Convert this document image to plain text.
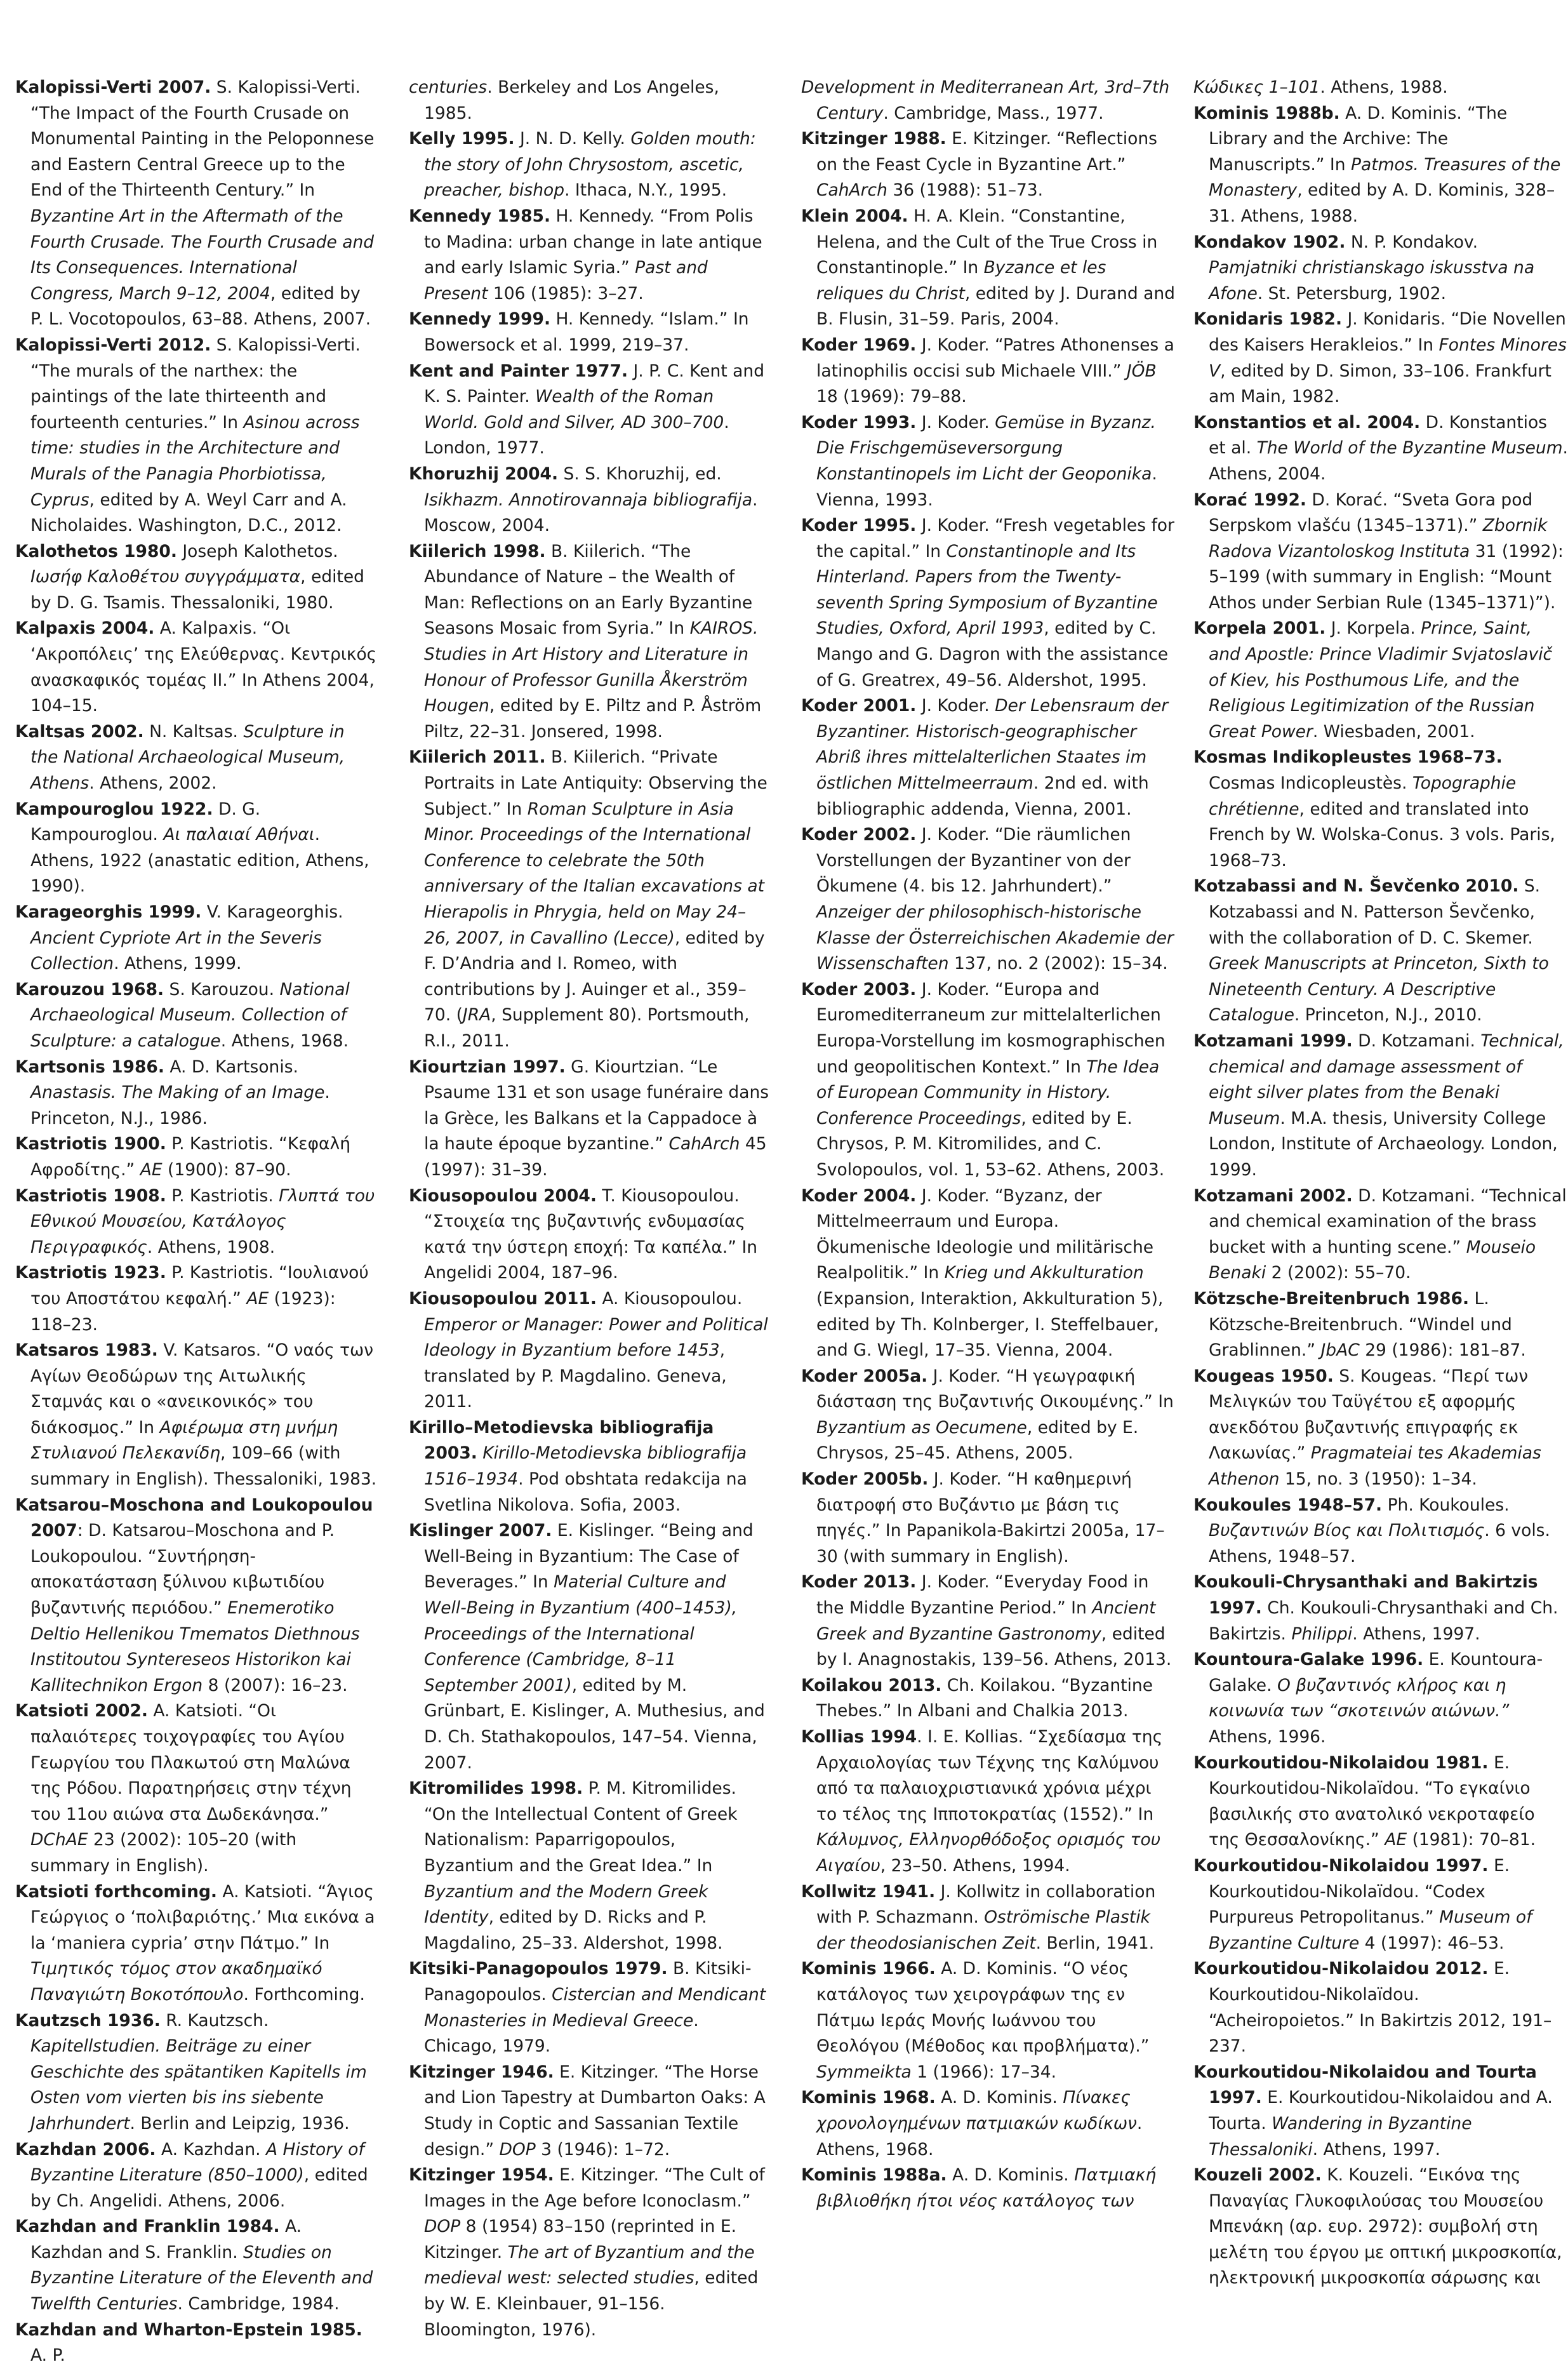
Kalopissi-Verti 2007. S. Kalopissi-Verti. “The Impact of the Fourth Crusade on Monumental Painting in the Peloponnese and Eastern Central Greece up to the End of the Thirteenth Century.” In Byzantine Art in the Aftermath of the Fourth Crusade. The Fourth Crusade and Its Consequences. International Congress, March 9–12, 2004, edited by P. L. Vocotopoulos, 63–88. Athens, 2007.

Kalopissi-Verti 2012. S. Kalopissi-Verti. “The murals of the narthex: the paintings of the late thirteenth and fourteenth centuries.” In Asinou across time: studies in the Architecture and Murals of the Panagia Phorbiotissa, Cyprus, edited by A. Weyl Carr and A. Nicholaides. Washington, D.C., 2012.

Kalothetos 1980. Joseph Kalothetos. Ιωσήφ Καλοθέτου συγγράμματα, edited by D. G. Tsamis. Thessaloniki, 1980.

Kalpaxis 2004. A. Kalpaxis. “Οι ‘Ακροπόλεις’ της Ελεύθερνας. Κεντρικός ανασκαφικός τομέας ΙΙ.” In Athens 2004, 104–15.

Kaltsas 2002. N. Kaltsas. Sculpture in the National Archaeological Museum, Athens. Athens, 2002.

Kampouroglou 1922. D. G. Kampouroglou. Αι παλαιαί Αθήναι. Athens, 1922 (anastatic edition, Athens, 1990).

Karageorghis 1999. V. Karageorghis. Ancient Cypriote Art in the Severis Collection. Athens, 1999.

Karouzou 1968. S. Karouzou. National Archaeological Museum. Collection of Sculpture: a catalogue. Athens, 1968.

Kartsonis 1986. A. D. Kartsonis. Anastasis. The Making of an Image. Princeton, N.J., 1986.

Kastriotis 1900. P. Kastriotis. “Κεφαλή Αφροδίτης.” AE (1900): 87–90.

Kastriotis 1908. P. Kastriotis. Γλυπτά του Εθνικού Μουσείου, Κατάλογος Περιγραφικός. Athens, 1908.

Kastriotis 1923. P. Kastriotis. “Ιουλιανού του Αποστάτου κεφαλή.” AE (1923): 118–23.

Katsaros 1983. V. Katsaros. “Ο ναός των Αγίων Θεοδώρων της Αιτωλικής Σταμνάς και ο «ανεικονικός» του διάκοσμος.” In Αφιέρωμα στη μνήμη Στυλιανού Πελεκανίδη, 109–66 (with summary in English). Thessaloniki, 1983.

Katsarou–Moschona and Loukopoulou 2007: D. Katsarou–Moschona and P. Loukopoulou. “Συντήρηση-αποκατάσταση ξύλινου κιβωτιδίου βυζαντινής περιόδου.” Enemerotiko Deltio Hellenikou Tmematos Diethnous Institoutou Syntereseos Historikon kai Kallitechnikon Ergon 8 (2007): 16–23.

Katsioti 2002. A. Katsioti. “Οι παλαιότερες τοιχογραφίες του Αγίου Γεωργίου του Πλακωτού στη Μαλώνα της Ρόδου. Παρατηρήσεις στην τέχνη του 11ου αιώνα στα Δωδεκάνησα.” DChAE 23 (2002): 105–20 (with summary in English).

Katsioti forthcoming. A. Katsioti. “Άγιος Γεώργιος ο ‘πολιβαριότης.’ Μια εικόνα a la ‘maniera cypria’ στην Πάτμο.” In Τιμητικός τόμος στον ακαδημαϊκό Παναγιώτη Βοκοτόπουλο. Forthcoming.

Kautzsch 1936. R. Kautzsch. Kapitellstudien. Beiträge zu einer Geschichte des spätantiken Kapitells im Osten vom vierten bis ins siebente Jahrhundert. Berlin and Leipzig, 1936.

Kazhdan 2006. A. Kazhdan. A History of Byzantine Literature (850–1000), edited by Ch. Angelidi. Athens, 2006.

Kazhdan and Franklin 1984. A. Kazhdan and S. Franklin. Studies on Byzantine Literature of the Eleventh and Twelfth Centuries. Cambridge, 1984.

Kazhdan and Wharton-Epstein 1985. A. P.

centuries. Berkeley and Los Angeles, 1985.

Kelly 1995. J. N. D. Kelly. Golden mouth: the story of John Chrysostom, ascetic, preacher, bishop. Ithaca, N.Y., 1995.

Kennedy 1985. H. Kennedy. “From Polis to Madina: urban change in late antique and early Islamic Syria.” Past and Present 106 (1985): 3–27.

Kennedy 1999. H. Kennedy. “Islam.” In Bowersock et al. 1999, 219–37.

Kent and Painter 1977. J. P. C. Kent and K. S. Painter. Wealth of the Roman World. Gold and Silver, AD 300–700. London, 1977.

Khoruzhij 2004. S. S. Khoruzhij, ed. Isikhazm. Annotirovannaja bibliografija. Moscow, 2004.

Kiilerich 1998. B. Kiilerich. “The Abundance of Nature – the Wealth of Man: Reflections on an Early Byzantine Seasons Mosaic from Syria.” In KAIROS. Studies in Art History and Literature in Honour of Professor Gunilla Åkerström Hougen, edited by E. Piltz and P. Åström Piltz, 22–31. Jonsered, 1998.

Kiilerich 2011. B. Kiilerich. “Private Portraits in Late Antiquity: Observing the Subject.” In Roman Sculpture in Asia Minor. Proceedings of the International Conference to celebrate the 50th anniversary of the Italian excavations at Hierapolis in Phrygia, held on May 24–26, 2007, in Cavallino (Lecce), edited by F. D’Andria and I. Romeo, with contributions by J. Auinger et al., 359–70. (JRA, Supplement 80). Portsmouth, R.I., 2011.

Kiourtzian 1997. G. Kiourtzian. “Le Psaume 131 et son usage funéraire dans la Grèce, les Balkans et la Cappadoce à la haute époque byzantine.” CahArch 45 (1997): 31–39.

Kiousopoulou 2004. T. Kiousopoulou. “Στοιχεία της βυζαντινής ενδυμασίας κατά την ύστερη εποχή: Τα καπέλα.” In Angelidi 2004, 187–96.

Kiousopoulou 2011. A. Kiousopoulou. Emperor or Manager: Power and Political Ideology in Byzantium before 1453, translated by P. Magdalino. Geneva, 2011.

Kirillo–Metodievska bibliografija 2003. Kirillo-Metodievska bibliografija 1516–1934. Pod obshtata redakcija na Svetlina Nikolova. Sofia, 2003.

Kislinger 2007. E. Kislinger. “Being and Well-Being in Byzantium: The Case of Beverages.” In Material Culture and Well-Being in Byzantium (400–1453), Proceedings of the International Conference (Cambridge, 8–11 September 2001), edited by M. Grünbart, E. Kislinger, A. Muthesius, and D. Ch. Stathakopoulos, 147–54. Vienna, 2007.

Kitromilides 1998. P. M. Kitromilides. “On the Intellectual Content of Greek Nationalism: Paparrigopoulos, Byzantium and the Great Idea.” In Byzantium and the Modern Greek Identity, edited by D. Ricks and P. Magdalino, 25–33. Aldershot, 1998.

Kitsiki-Panagopoulos 1979. B. Kitsiki-Panagopoulos. Cistercian and Mendicant Monasteries in Medieval Greece. Chicago, 1979.

Kitzinger 1946. E. Kitzinger. “The Horse and Lion Tapestry at Dumbarton Oaks: A Study in Coptic and Sassanian Textile design.” DOP 3 (1946): 1–72.

Kitzinger 1954. E. Kitzinger. “The Cult of Images in the Age before Iconoclasm.” DOP 8 (1954) 83–150 (reprinted in E. Kitzinger. The art of Byzantium and the medieval west: selected studies, edited by W. E. Kleinbauer, 91–156. Bloomington, 1976).

Development in Mediterranean Art, 3rd–7th Century. Cambridge, Mass., 1977.

Kitzinger 1988. E. Kitzinger. “Reflections on the Feast Cycle in Byzantine Art.” CahArch 36 (1988): 51–73.

Klein 2004. H. A. Klein. “Constantine, Helena, and the Cult of the True Cross in Constantinople.” In Byzance et les reliques du Christ, edited by J. Durand and B. Flusin, 31–59. Paris, 2004.

Koder 1969. J. Koder. “Patres Athonenses a latinophilis occisi sub Michaele VIII.” JÖB 18 (1969): 79–88.

Koder 1993. J. Koder. Gemüse in Byzanz. Die Frischgemüseversorgung Konstantinopels im Licht der Geoponika. Vienna, 1993.

Koder 1995. J. Koder. “Fresh vegetables for the capital.” In Constantinople and Its Hinterland. Papers from the Twenty-seventh Spring Symposium of Byzantine Studies, Oxford, April 1993, edited by C. Mango and G. Dagron with the assistance of G. Greatrex, 49–56. Aldershot, 1995.

Koder 2001. J. Koder. Der Lebensraum der Byzantiner. Historisch-geographischer Abriß ihres mittelalterlichen Staates im östlichen Mittelmeerraum. 2nd ed. with bibliographic addenda, Vienna, 2001.

Koder 2002. J. Koder. “Die räumlichen Vorstellungen der Byzantiner von der Ökumene (4. bis 12. Jahrhundert).” Anzeiger der philosophisch-historische Klasse der Österreichischen Akademie der Wissenschaften 137, no. 2 (2002): 15–34.

Koder 2003. J. Koder. “Europa and Euromediterraneum zur mittelalterlichen Europa-Vorstellung im kosmographischen und geopolitischen Kontext.” In The Idea of European Community in History. Conference Proceedings, edited by E. Chrysos, P. M. Kitromilides, and C. Svolopoulos, vol. 1, 53–62. Athens, 2003.

Koder 2004. J. Koder. “Byzanz, der Mittelmeerraum und Europa. Ökumenische Ideologie und militärische Realpolitik.” In Krieg und Akkulturation (Expansion, Interaktion, Akkulturation 5), edited by Th. Kolnberger, I. Steffelbauer, and G. Wiegl, 17–35. Vienna, 2004.

Koder 2005a. J. Koder. “Η γεωγραφική διάσταση της Βυζαντινής Οικουμένης.” In Byzantium as Oecumene, edited by E. Chrysos, 25–45. Athens, 2005.

Koder 2005b. J. Koder. “Η καθημερινή διατροφή στο Βυζάντιο με βάση τις πηγές.” In Papanikola-Bakirtzi 2005a, 17–30 (with summary in English).

Koder 2013. J. Koder. “Everyday Food in the Middle Byzantine Period.” In Ancient Greek and Byzantine Gastronomy, edited by I. Anagnostakis, 139–56. Athens, 2013.

Koilakou 2013. Ch. Koilakou. “Byzantine Thebes.” In Albani and Chalkia 2013.

Kollias 1994. I. E. Kollias. “Σχεδίασμα της Αρχαιολογίας των Τέχνης της Καλύμνου από τα παλαιοχριστιανικά χρόνια μέχρι το τέλος της Ιπποτοκρατίας (1552).” In Κάλυμνος, Ελληνορθόδοξος ορισμός του Αιγαίου, 23–50. Athens, 1994.

Kollwitz 1941. J. Kollwitz in collaboration with P. Schazmann. Oströmische Plastik der theodosianischen Zeit. Berlin, 1941.

Kominis 1966. A. D. Kominis. “Ο νέος κατάλογος των χειρογράφων της εν Πάτμω Ιεράς Μονής Ιωάννου του Θεολόγου (Μέθοδος και προβλήματα).” Symmeikta 1 (1966): 17–34.

Kominis 1968. A. D. Kominis. Πίνακες χρονολογημένων πατμιακών κωδίκων. Athens, 1968.

Kominis 1988a. A. D. Kominis. Πατμιακή βιβλιοθήκη ήτοι νέος κατάλογος των

Κώδικες 1–101. Athens, 1988.

Kominis 1988b. A. D. Kominis. “The Library and the Archive: The Manuscripts.” In Patmos. Treasures of the Monastery, edited by A. D. Kominis, 328–31. Athens, 1988.

Kondakov 1902. N. P. Kondakov. Pamjatniki christianskago iskusstva na Afone. St. Petersburg, 1902.

Konidaris 1982. J. Konidaris. “Die Novellen des Kaisers Herakleios.” In Fontes Minores V, edited by D. Simon, 33–106. Frankfurt am Main, 1982.

Konstantios et al. 2004. D. Konstantios et al. The World of the Byzantine Museum. Athens, 2004.

Korać 1992. D. Korać. “Sveta Gora pod Serpskom vlašću (1345–1371).” Zbornik Radova Vizantoloskog Instituta 31 (1992): 5–199 (with summary in English: “Mount Athos under Serbian Rule (1345–1371)”).

Korpela 2001. J. Korpela. Prince, Saint, and Apostle: Prince Vladimir Svjatoslavič of Kiev, his Posthumous Life, and the Religious Legitimization of the Russian Great Power. Wiesbaden, 2001.

Kosmas Indikopleustes 1968–73. Cosmas Indicopleustès. Topographie chrétienne, edited and translated into French by W. Wolska-Conus. 3 vols. Paris, 1968–73.

Kotzabassi and N. Ševčenko 2010. S. Kotzabassi and N. Patterson Ševčenko, with the collaboration of D. C. Skemer. Greek Manuscripts at Princeton, Sixth to Nineteenth Century. A Descriptive Catalogue. Princeton, N.J., 2010.

Kotzamani 1999. D. Kotzamani. Technical, chemical and damage assessment of eight silver plates from the Benaki Museum. M.A. thesis, University College London, Institute of Archaeology. London, 1999.

Kotzamani 2002. D. Kotzamani. “Technical and chemical examination of the brass bucket with a hunting scene.” Mouseio Benaki 2 (2002): 55–70.

Kötzsche-Breitenbruch 1986. L. Kötzsche-Breitenbruch. “Windel und Grablinnen.” JbAC 29 (1986): 181–87.

Kougeas 1950. S. Kougeas. “Περί των Μελιγκών του Ταϋγέτου εξ αφορμής ανεκδότου βυζαντινής επιγραφής εκ Λακωνίας.” Pragmateiai tes Akademias Athenon 15, no. 3 (1950): 1–34.

Koukoules 1948–57. Ph. Koukoules. Βυζαντινών Βίος και Πολιτισμός. 6 vols. Athens, 1948–57.

Koukouli-Chrysanthaki and Bakirtzis 1997. Ch. Koukouli-Chrysanthaki and Ch. Bakirtzis. Philippi. Athens, 1997.

Kountoura-Galake 1996. E. Kountoura-Galake. Ο βυζαντινός κλήρος και η κοινωνία των “σκοτεινών αιώνων.” Athens, 1996.

Kourkoutidou-Nikolaidou 1981. E. Kourkoutidou-Nikolaïdou. “Το εγκαίνιο βασιλικής στο ανατολικό νεκροταφείο της Θεσσαλονίκης.” AE (1981): 70–81.

Kourkoutidou-Nikolaidou 1997. E. Kourkoutidou-Nikolaïdou. “Codex Purpureus Petropolitanus.” Museum of Byzantine Culture 4 (1997): 46–53.

Kourkoutidou-Nikolaidou 2012. E. Kourkoutidou-Nikolaïdou. “Acheiropoietos.” In Bakirtzis 2012, 191–237.

Kourkoutidou-Nikolaidou and Tourta 1997. E. Kourkoutidou-Nikolaidou and A. Tourta. Wandering in Byzantine Thessaloniki. Athens, 1997.

Kouzeli 2002. K. Kouzeli. “Εικόνα της Παναγίας Γλυκοφιλούσας του Μουσείου Μπενάκη (αρ. ευρ. 2972): συμβολή στη μελέτη του έργου με οπτική μικροσκοπία, ηλεκτρονική μικροσκοπία σάρωσης και
